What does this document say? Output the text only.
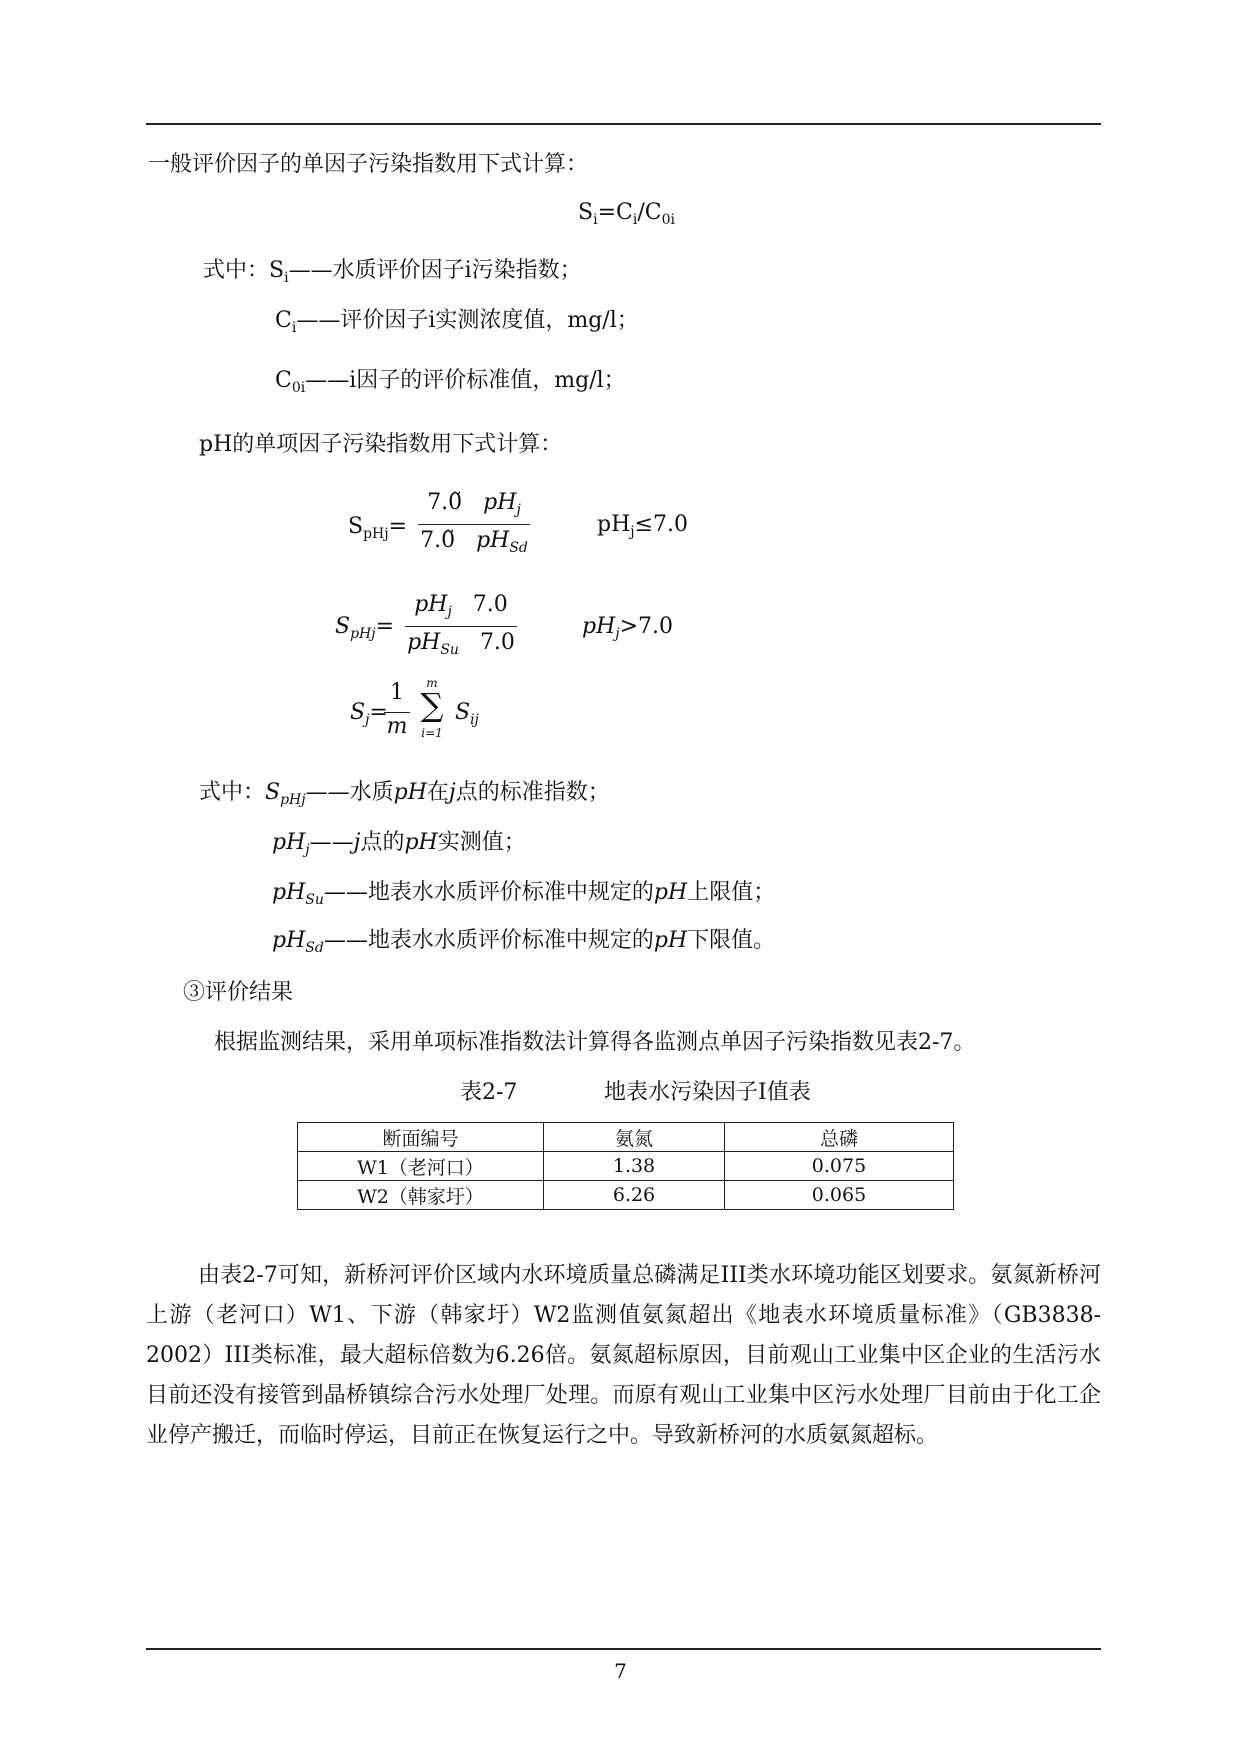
一般评价因子的单因子污染指数用下式计算：
$S_i=C_i/C_{0i}$
式中：$S_i——$水质评价因子i污染指数；
$C_i——$评价因子i实测浓度值，mg/l；
$C_{0i}——i$因子的评价标准值，mg/l；
pH的单项因子污染指数用下式计算：
$S_{pHj}=$
7.0̃ $pH_j$
7.0̃ $pH_{Sd}$
$pH_j\le 7.0$
$S_{pHj}=$
$pH_j$ 7.0
$pH_{Su}$ 7.0
$pH_j>7.0$
$S_j=$
1
m
m
∑
i=1
$S_{ij}$
式中：$S_{pHj}——$水质pH在j点的标准指数；
$pH_j——j$点的pH实测值；
$pH_{Su}——$地表水水质评价标准中规定的pH上限值；
$pH_{Sd}——$地表水水质评价标准中规定的pH下限值。
③评价结果
根据监测结果，采用单项标准指数法计算得各监测点单因子污染指数见表2-7。
表2-7	地表水污染因子I值表
断面编号	氨氮	总磷
W1（老河口）	1.38	0.075
W2（韩家圩）	6.26	0.065
由表2-7可知，新桥河评价区域内水环境质量总磷满足III类水环境功能区划要求。氨氮新桥河上游（老河口）W1、下游（韩家圩）W2监测值氨氮超出《地表水环境质量标准》（GB3838-2002）III类标准，最大超标倍数为6.26倍。氨氮超标原因，目前观山工业集中区企业的生活污水目前还没有接管到晶桥镇综合污水处理厂处理。而原有观山工业集中区污水处理厂目前由于化工企业停产搬迁，而临时停运，目前正在恢复运行之中。导致新桥河的水质氨氮超标。
7
